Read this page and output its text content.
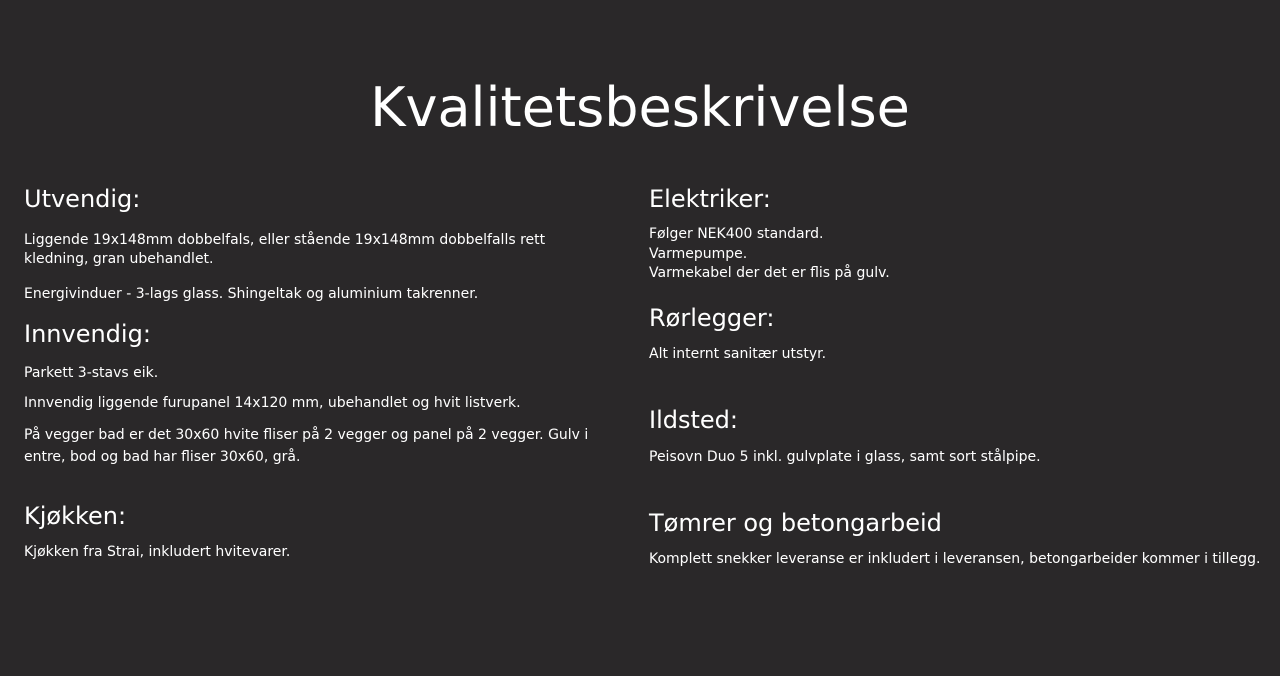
Kvalitetsbeskrivelse
Utvendig:
Liggende 19x148mm dobbelfals, eller stående 19x148mm dobbelfalls rett
kledning, gran ubehandlet.
Energivinduer - 3-lags glass. Shingeltak og aluminium takrenner.
Innvendig:
Parkett 3-stavs eik.
Innvendig liggende furupanel 14x120 mm, ubehandlet og hvit listverk.
På vegger bad er det 30x60 hvite fliser på 2 vegger og panel på 2 vegger. Gulv i
entre, bod og bad har fliser 30x60, grå.
Kjøkken:
Kjøkken fra Strai, inkludert hvitevarer.
Elektriker:
Følger NEK400 standard.
Varmepumpe.
Varmekabel der det er flis på gulv.
Rørlegger:
Alt internt sanitær utstyr.
Ildsted:
Peisovn Duo 5 inkl. gulvplate i glass, samt sort stålpipe.
Tømrer og betongarbeid
Komplett snekker leveranse er inkludert i leveransen, betongarbeider kommer i tillegg.
